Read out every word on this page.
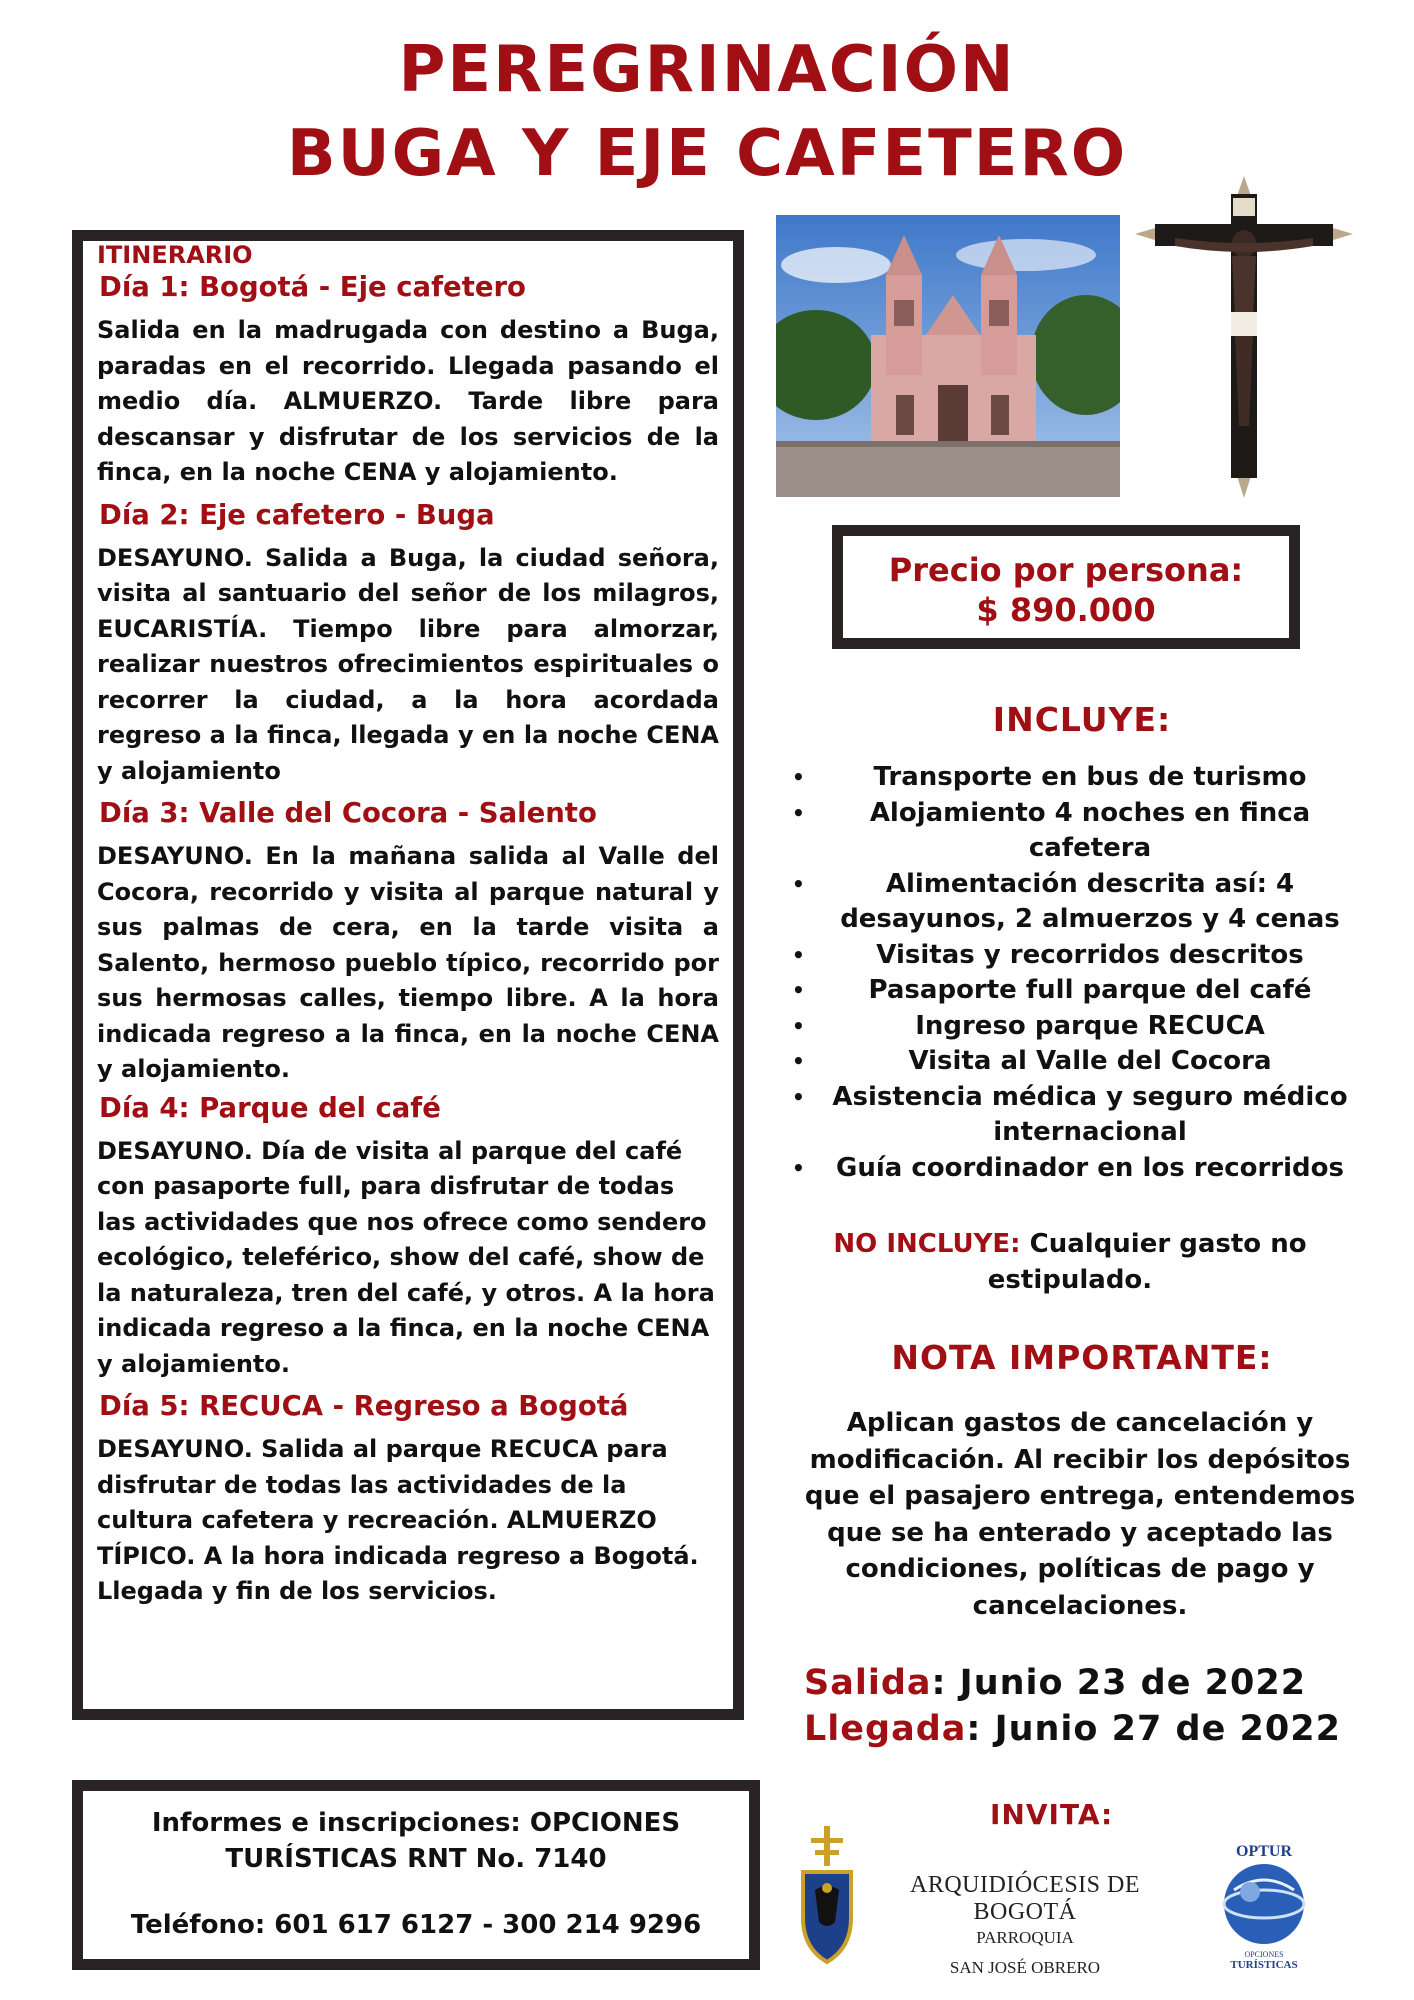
PEREGRINACIÓN
BUGA Y EJE CAFETERO
ITINERARIO
Día 1: Bogotá - Eje cafetero

Salida en la madrugada con destino a Buga, paradas en el recorrido. Llegada pasando el medio día. ALMUERZO. Tarde libre para descansar y disfrutar de los servicios de la finca, en la noche CENA y alojamiento.

Día 2: Eje cafetero - Buga

DESAYUNO. Salida a Buga, la ciudad señora, visita al santuario del señor de los milagros, EUCARISTÍA. Tiempo libre para almorzar, realizar nuestros ofrecimientos espirituales o recorrer la ciudad, a la hora acordada regreso a la finca, llegada y en la noche CENA y alojamiento

Día 3: Valle del Cocora - Salento

DESAYUNO. En la mañana salida al Valle del Cocora, recorrido y visita al parque natural y sus palmas de cera, en la tarde visita a Salento, hermoso pueblo típico, recorrido por sus hermosas calles, tiempo libre. A la hora indicada regreso a la finca, en la noche CENA y alojamiento.

Día 4: Parque del café

DESAYUNO. Día de visita al parque del café con pasaporte full, para disfrutar de todas las actividades que nos ofrece como sendero ecológico, teleférico, show del café, show de la naturaleza, tren del café, y otros. A la hora indicada regreso a la finca, en la noche CENA y alojamiento.

Día 5: RECUCA - Regreso a Bogotá

DESAYUNO. Salida al parque RECUCA para disfrutar de todas las actividades de la cultura cafetera y recreación. ALMUERZO TÍPICO. A la hora indicada regreso a Bogotá. Llegada y fin de los servicios.

Precio por persona:
$ 890.000
INCLUYE:
•	Transporte en bus de turismo
•	Alojamiento 4 noches en finca cafetera
•	Alimentación descrita así: 4 desayunos, 2 almuerzos y 4 cenas
•	Visitas y recorridos descritos
• Pasaporte full parque del café
•	Ingreso parque RECUCA
•	Visita al Valle del Cocora
• Asistencia médica y seguro médico internacional
• Guía coordinador en los recorridos
NO INCLUYE: Cualquier gasto no estipulado.
NOTA IMPORTANTE:
Aplican gastos de cancelación y modificación. Al recibir los depósitos que el pasajero entrega, entendemos que se ha enterado y aceptado las condiciones, políticas de pago y cancelaciones.
Salida: Junio 23 de 2022
Llegada: Junio 27 de 2022
Informes e inscripciones: OPCIONES
TURÍSTICAS RNT No. 7140
Teléfono: 601 617 6127 - 300 214 9296
INVITA:
ARQUIDIÓCESIS DE BOGOTÁ
PARROQUIA
SAN JOSÉ OBRERO
OPTUR
OPCIONES
TURÍSTICAS
